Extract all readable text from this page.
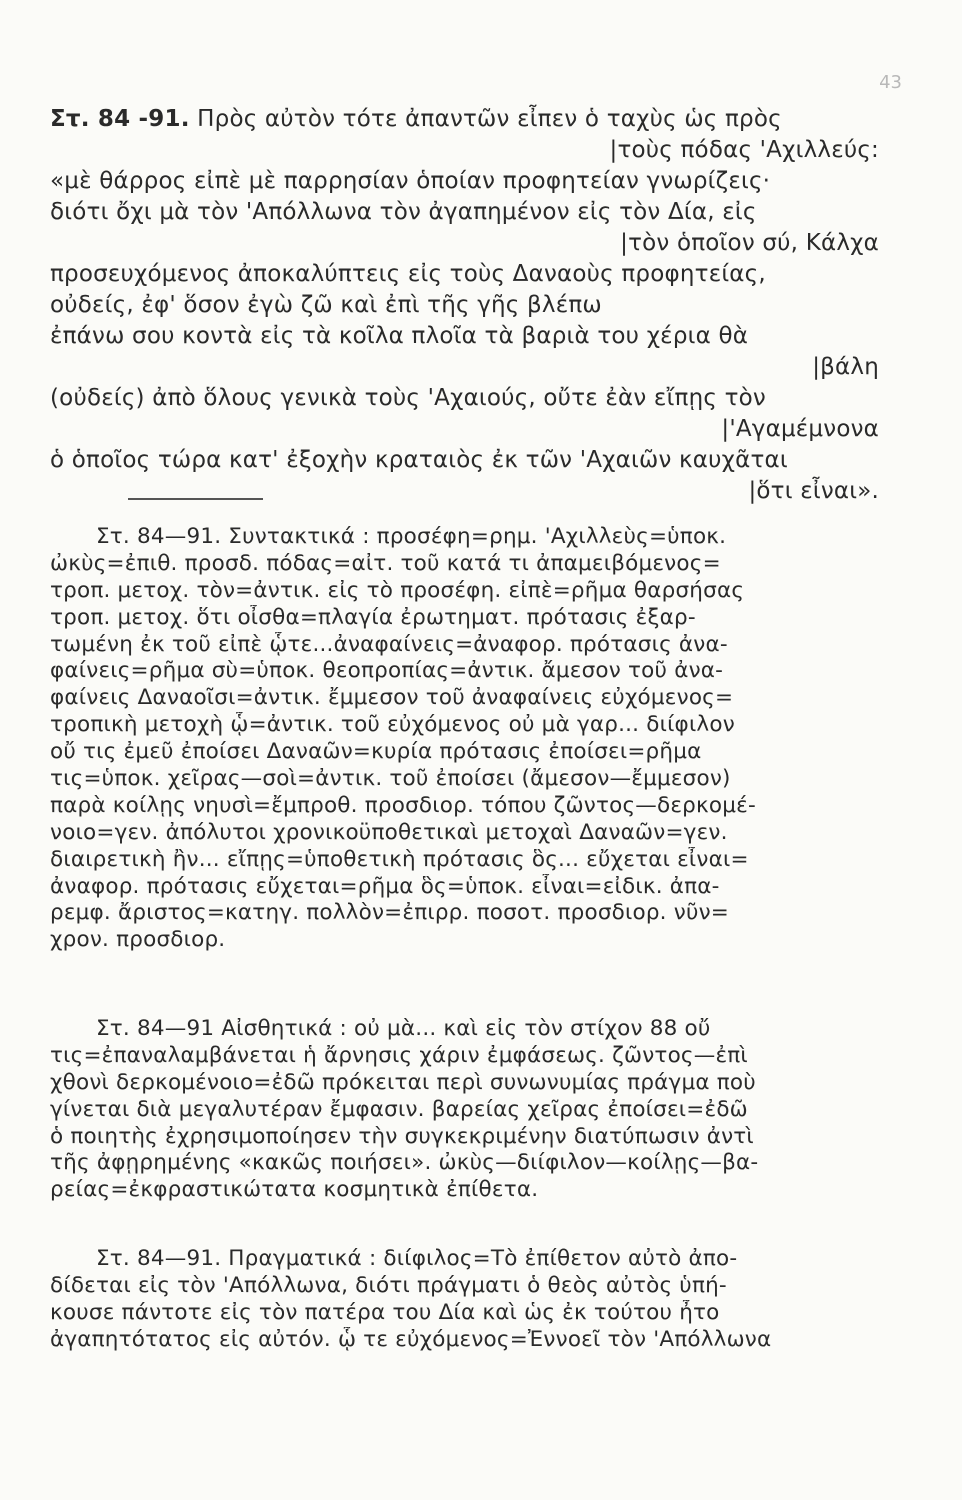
43
Στ. 84 -91. Πρὸς αὐτὸν τότε ἀπαντῶν εἶπεν ὁ ταχὺς ὡς πρὸς
|τοὺς πόδας 'Αχιλλεύς:
«μὲ θάρρος εἰπὲ μὲ παρρησίαν ὁποίαν προφητείαν γνωρίζεις·
διότι ὄχι μὰ τὸν 'Απόλλωνα τὸν ἀγαπημένον εἰς τὸν Δία, εἰς
|τὸν ὁποῖον σύ, Κάλχα
προσευχόμενος ἀποκαλύπτεις εἰς τοὺς Δαναοὺς προφητείας,
οὐδείς, ἐφ' ὅσον ἐγὼ ζῶ καὶ ἐπὶ τῆς γῆς βλέπω
ἐπάνω σου κοντὰ εἰς τὰ κοῖλα πλοῖα τὰ βαριὰ του χέρια θὰ
|βάλη
(οὐδείς) ἀπὸ ὅλους γενικὰ τοὺς 'Αχαιούς, οὔτε ἐὰν εἴπῃς τὸν
|'Αγαμέμνονα
ὁ ὁποῖος τώρα κατ' ἐξοχὴν κραταιὸς ἐκ τῶν 'Αχαιῶν καυχᾶται
|ὅτι εἶναι».
Στ. 84—91. Συντακτικά : προσέφη=ρημ. 'Αχιλλεὺς=ὑποκ.
ὠκὺς=ἐπιθ. προσδ. πόδας=αἰτ. τοῦ κατά τι ἀπαμειβόμενος=
τροπ. μετοχ. τὸν=ἀντικ. εἰς τὸ προσέφη. εἰπὲ=ρῆμα θαρσήσας
τροπ. μετοχ. ὅτι οἶσθα=πλαγία ἐρωτηματ. πρότασις ἐξαρ-
τωμένη ἐκ τοῦ εἰπὲ ᾧτε...ἀναφαίνεις=ἀναφορ. πρότασις ἀνα-
φαίνεις=ρῆμα σὺ=ὑποκ. θεοπροπίας=ἀντικ. ἄμεσον τοῦ ἀνα-
φαίνεις Δαναοῖσι=ἀντικ. ἔμμεσον τοῦ ἀναφαίνεις εὐχόμενος=
τροπικὴ μετοχὴ ᾧ=ἀντικ. τοῦ εὐχόμενος οὐ μὰ γαρ... διίφιλον
οὔ τις ἐμεῦ ἐποίσει Δαναῶν=κυρία πρότασις ἐποίσει=ρῆμα
τις=ὑποκ. χεῖρας—σοὶ=ἀντικ. τοῦ ἐποίσει (ἄμεσον—ἔμμεσον)
παρὰ κοίλῃς νηυσὶ=ἔμπροθ. προσδιορ. τόπου ζῶντος—δερκομέ-
νοιο=γεν. ἀπόλυτοι χρονικοϋποθετικαὶ μετοχαὶ Δαναῶν=γεν.
διαιρετικὴ ἢν... εἴπῃς=ὑποθετικὴ πρότασις ὃς... εὔχεται εἶναι=
ἀναφορ. πρότασις εὔχεται=ρῆμα ὃς=ὑποκ. εἶναι=εἰδικ. ἀπα-
ρεμφ. ἄριστος=κατηγ. πολλὸν=ἐπιρρ. ποσοτ. προσδιορ. νῦν=
χρον. προσδιορ.
Στ. 84—91 Αἰσθητικά : οὐ μὰ... καὶ εἰς τὸν στίχον 88 οὔ
τις=ἐπαναλαμβάνεται ἡ ἄρνησις χάριν ἐμφάσεως. ζῶντος—ἐπὶ
χθονὶ δερκομένοιο=ἐδῶ πρόκειται περὶ συνωνυμίας πράγμα ποὺ
γίνεται διὰ μεγαλυτέραν ἔμφασιν. βαρείας χεῖρας ἐποίσει=ἐδῶ
ὁ ποιητὴς ἐχρησιμοποίησεν τὴν συγκεκριμένην διατύπωσιν ἀντὶ
τῆς ἀφῃρημένης «κακῶς ποιήσει». ὠκὺς—διίφιλον—κοίλῃς—βα-
ρείας=ἐκφραστικώτατα κοσμητικὰ ἐπίθετα.
Στ. 84—91. Πραγματικά : διίφιλος=Τὸ ἐπίθετον αὐτὸ ἀπο-
δίδεται εἰς τὸν 'Απόλλωνα, διότι πράγματι ὁ θεὸς αὐτὸς ὑπή-
κουσε πάντοτε εἰς τὸν πατέρα του Δία καὶ ὡς ἐκ τούτου ἦτο
ἀγαπητότατος εἰς αὐτόν. ᾧ τε εὐχόμενος=Ἐννοεῖ τὸν 'Απόλλωνα
